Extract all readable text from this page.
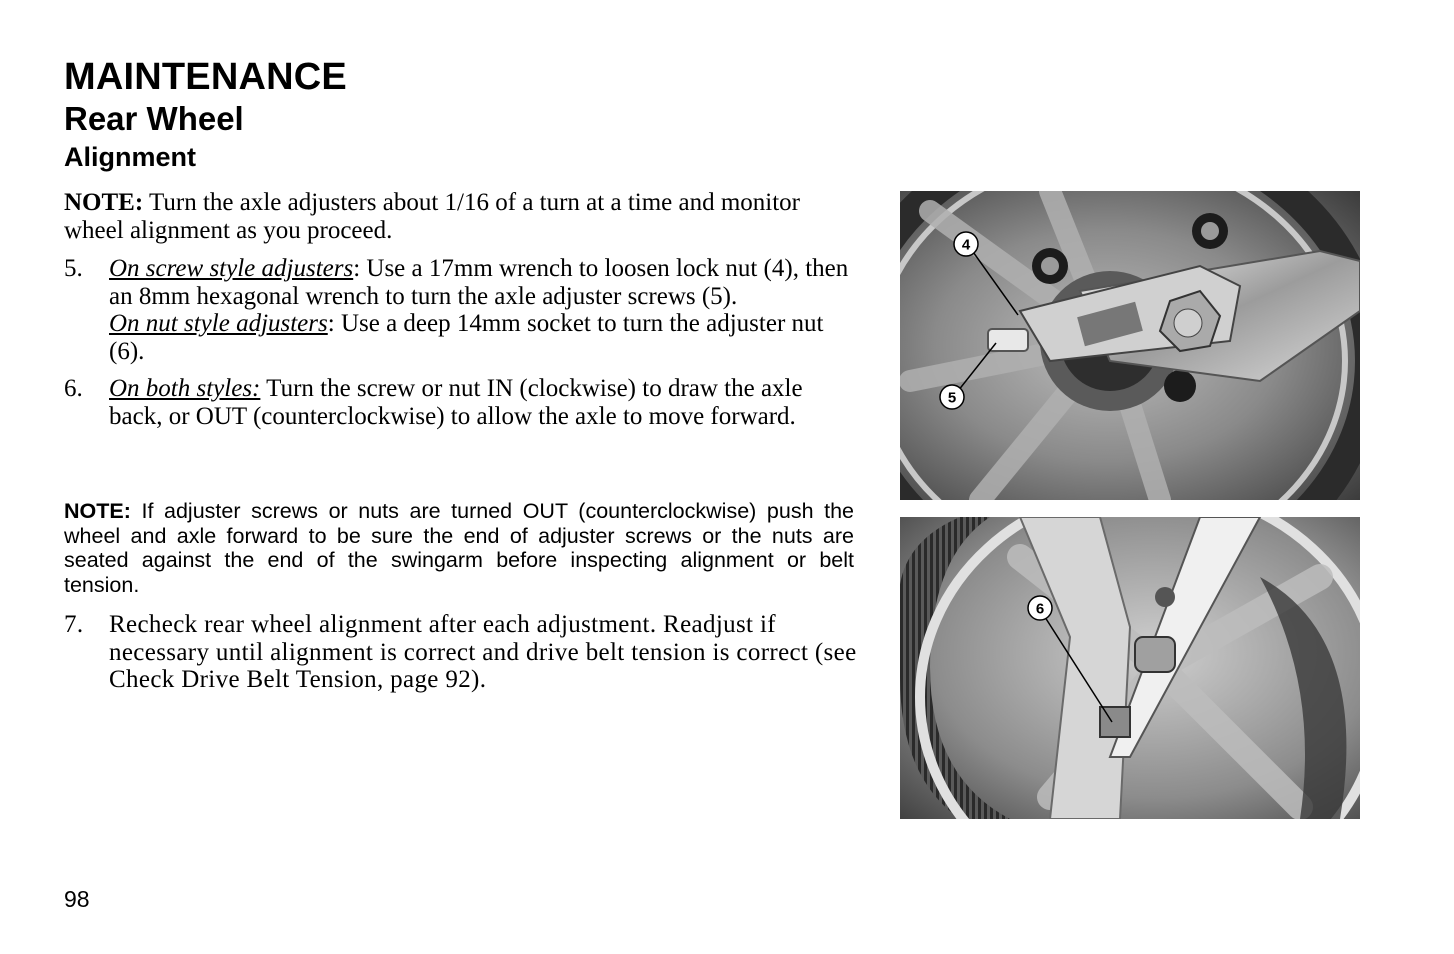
MAINTENANCE
Rear Wheel
Alignment
NOTE: Turn the axle adjusters about 1/16 of a turn at a time and monitor wheel alignment as you proceed.
5. On screw style adjusters: Use a 17mm wrench to loosen lock nut (4), then an 8mm hexagonal wrench to turn the axle adjuster screws (5).
On nut style adjusters: Use a deep 14mm socket to turn the adjuster nut (6).
6. On both styles: Turn the screw or nut IN (clockwise) to draw the axle back, or OUT (counterclockwise) to allow the axle to move forward.
NOTE: If adjuster screws or nuts are turned OUT (counterclockwise) push the wheel and axle forward to be sure the end of adjuster screws or the nuts are seated against the end of the swingarm before inspecting alignment or belt tension.
7. Recheck rear wheel alignment after each adjustment. Readjust if necessary until alignment is correct and drive belt tension is correct (see Check Drive Belt Tension, page 92).
4
5
6
98
